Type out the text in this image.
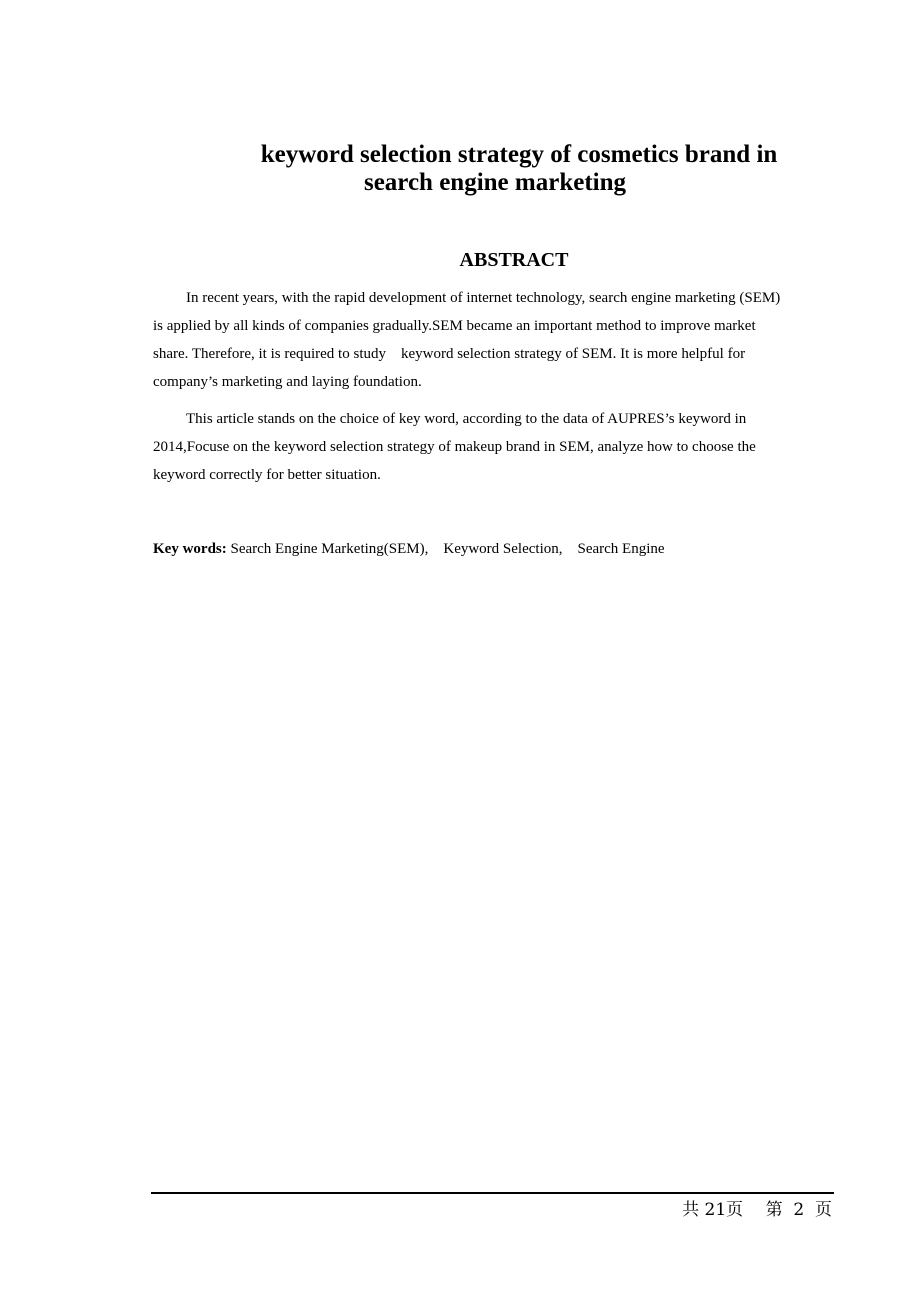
keyword selection strategy of cosmetics brand in
search engine marketing
ABSTRACT
In recent years, with the rapid development of internet technology, search engine marketing (SEM)
is applied by all kinds of companies gradually.SEM became an important method to improve market
share. Therefore, it is required to study　keyword selection strategy of SEM. It is more helpful for
company’s marketing and laying foundation.
This article stands on the choice of key word, according to the data of AUPRES’s keyword in
2014,Focuse on the keyword selection strategy of makeup brand in SEM, analyze how to choose the
keyword correctly for better situation.
Key words: Search Engine Marketing(SEM),　Keyword Selection,　Search Engine
共 21页　 第  2  页
